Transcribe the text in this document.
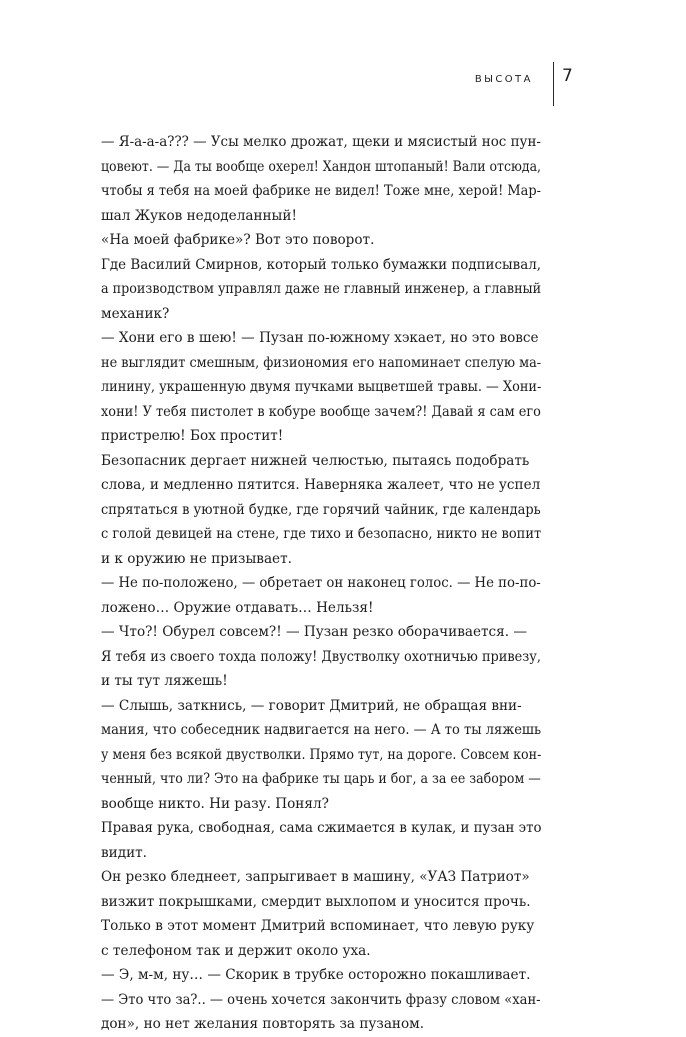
ВЫСОТА 7

— Я-а-а-а??? — Усы мелко дрожат, щеки и мясистый нос пун-

цовеют. — Да ты вообще охерел! Хандон штопаный! Вали отсюда,

чтобы я тебя на моей фабрике не видел! Тоже мне, херой! Мар-

шал Жуков недоделанный!

«На моей фабрике»? Вот это поворот.

Где Василий Смирнов, который только бумажки подписывал,

а производством управлял даже не главный инженер, а главный

механик?

— Хони его в шею! — Пузан по-южному хэкает, но это вовсе

не выглядит смешным, физиономия его напоминает спелую ма-

линину, украшенную двумя пучками выцветшей травы. — Хони-

хони! У тебя пистолет в кобуре вообще зачем?! Давай я сам его

пристрелю! Бох простит!

Безопасник дергает нижней челюстью, пытаясь подобрать

слова, и медленно пятится. Наверняка жалеет, что не успел

спрятаться в уютной будке, где горячий чайник, где календарь

с голой девицей на стене, где тихо и безопасно, никто не вопит

и к оружию не призывает.

— Не по-положено, — обретает он наконец голос. — Не по-по-

ложено… Оружие отдавать… Нельзя!

— Что?! Обурел совсем?! — Пузан резко оборачивается. —

Я тебя из своего тохда положу! Двустволку охотничью привезу,

и ты тут ляжешь!

— Слышь, заткнись, — говорит Дмитрий, не обращая вни-

мания, что собеседник надвигается на него. — А то ты ляжешь

у меня без всякой двустволки. Прямо тут, на дороге. Совсем кон-

ченный, что ли? Это на фабрике ты царь и бог, а за ее забором —

вообще никто. Ни разу. Понял?

Правая рука, свободная, сама сжимается в кулак, и пузан это

видит.

Он резко бледнеет, запрыгивает в машину, «УАЗ Патриот»

визжит покрышками, смердит выхлопом и уносится прочь.

Только в этот момент Дмитрий вспоминает, что левую руку

с телефоном так и держит около уха.

— Э, м-м, ну… — Скорик в трубке осторожно покашливает.

— Это что за?.. — очень хочется закончить фразу словом «хан-

дон», но нет желания повторять за пузаном.
